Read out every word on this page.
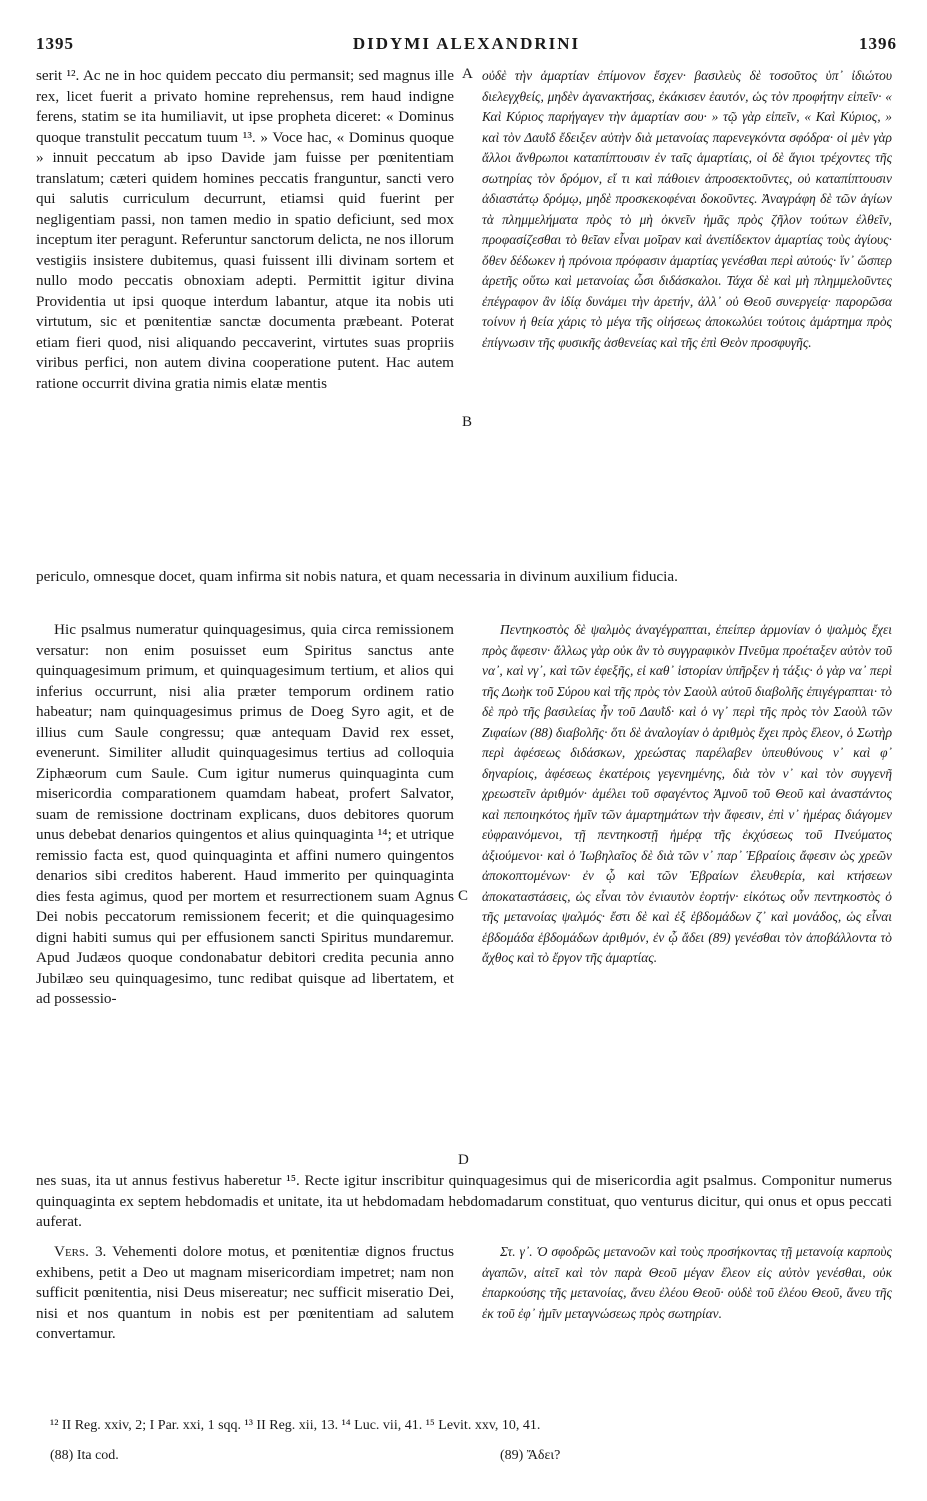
1395	DIDYMI ALEXANDRINI	1396
serit ¹². Ac ne in hoc quidem peccato diu permansit; sed magnus ille rex, licet fuerit a privato homine reprehensus, rem haud indigne ferens, statim se ita humiliavit, ut ipse propheta diceret: « Dominus quoque transtulit peccatum tuum ¹³. » Voce hac, « Dominus quoque » innuit peccatum ab ipso Davide jam fuisse per pœnitentiam translatum; cæteri quidem homines peccatis franguntur, sancti vero qui salutis curriculum decurrunt, etiamsi quid fuerint per negligentiam passi, non tamen medio in spatio deficiunt, sed mox inceptum iter peragunt. Referuntur sanctorum delicta, ne nos illorum vestigiis insistere dubitemus, quasi fuissent illi divinam sortem et nullo modo peccatis obnoxiam adepti. Permittit igitur divina Providentia ut ipsi quoque interdum labantur, atque ita nobis uti virtutum, sic et pœnitentiæ sanctæ documenta præbeant. Poterat etiam fieri quod, nisi aliquando peccaverint, virtutes suas propriis viribus perfici, non autem divina cooperatione putent. Hac autem ratione occurrit divina gratia nimis elatæ mentis
οὐδὲ τὴν ἁμαρτίαν ἐπίμονον ἔσχεν· βασιλεὺς δὲ τοσοῦτος ὑπ᾽ ἰδιώτου διελεγχθείς, μηδὲν ἀγανακτήσας, ἐκάκισεν ἑαυτόν, ὡς τὸν προφήτην εἰπεῖν· « Καὶ Κύριος παρήγαγεν τὴν ἁμαρτίαν σου· » τῷ γὰρ εἰπεῖν, « Καὶ Κύριος, » καὶ τὸν Δαυῒδ ἔδειξεν αὐτὴν διὰ μετανοίας παρενεγκόντα σφόδρα· οἱ μὲν γὰρ ἄλλοι ἄνθρωποι καταπίπτουσιν ἐν ταῖς ἁμαρτίαις, οἱ δὲ ἅγιοι τρέχοντες τῆς σωτηρίας τὸν δρόμον, εἴ τι καὶ πάθοιεν ἀπροσεκτοῦντες, οὐ καταπίπτουσιν ἀδιαστάτῳ δρόμῳ, μηδὲ προσκεκοφέναι δοκοῦντες. Ἀναγράφη δὲ τῶν ἁγίων τὰ πλημμελήματα πρὸς τὸ μὴ ὀκνεῖν ἡμᾶς πρὸς ζῆλον τούτων ἐλθεῖν, προφασίζεσθαι τὸ θεῖαν εἶναι μοῖραν καὶ ἀνεπίδεκτον ἁμαρτίας τοὺς ἁγίους· ὅθεν δέδωκεν ἡ πρόνοια πρόφασιν ἁμαρτίας γενέσθαι περὶ αὐτούς· ἵν᾽ ὥσπερ ἀρετῆς οὕτω καὶ μετανοίας ὦσι διδάσκαλοι. Τάχα δὲ καὶ μὴ πλημμελοῦντες ἐπέγραφον ἂν ἰδίᾳ δυνάμει τὴν ἀρετήν, ἀλλ᾽ οὐ Θεοῦ συνεργείᾳ· παρορῶσα τοίνυν ἡ θεία χάρις τὸ μέγα τῆς οἰήσεως ἀποκωλύει τούτοις ἁμάρτημα πρὸς ἐπίγνωσιν τῆς φυσικῆς ἀσθενείας καὶ τῆς ἐπὶ Θεὸν προσφυγῆς.
periculo, omnesque docet, quam infirma sit nobis natura, et quam necessaria in divinum auxilium fiducia.
Hic psalmus numeratur quinquagesimus, quia circa remissionem versatur: non enim posuisset eum Spiritus sanctus ante quinquagesimum primum, et quinquagesimum tertium, et alios qui inferius occurrunt, nisi alia præter temporum ordinem ratio habeatur; nam quinquagesimus primus de Doeg Syro agit, et de illius cum Saule congressu; quæ antequam David rex esset, evenerunt. Similiter alludit quinquagesimus tertius ad colloquia Ziphæorum cum Saule. Cum igitur numerus quinquaginta cum misericordia comparationem quamdam habeat, profert Salvator, suam de remissione doctrinam explicans, duos debitores quorum unus debebat denarios quingentos et alius quinquaginta ¹⁴; et utrique remissio facta est, quod quinquaginta et affini numero quingentos denarios sibi creditos haberent. Haud immerito per quinquaginta dies festa agimus, quod per mortem et resurrectionem suam Agnus Dei nobis peccatorum remissionem fecerit; et die quinquagesimo digni habiti sumus qui per effusionem sancti Spiritus mundaremur. Apud Judæos quoque condonabatur debitori credita pecunia anno Jubilæo seu quinquagesimo, tunc redibat quisque ad libertatem, et ad possessio-
Πεντηκοστὸς δὲ ψαλμὸς ἀναγέγραπται, ἐπείπερ ἁρμονίαν ὁ ψαλμὸς ἔχει πρὸς ἄφεσιν· ἄλλως γὰρ οὐκ ἂν τὸ συγγραφικὸν Πνεῦμα προέταξεν αὐτὸν τοῦ να᾽, καὶ νγ᾽, καὶ τῶν ἐφεξῆς, εἰ καθ᾽ ἱστορίαν ὑπῆρξεν ἡ τάξις· ὁ γὰρ να᾽ περὶ τῆς Δωὴκ τοῦ Σύρου καὶ τῆς πρὸς τὸν Σαοὺλ αὐτοῦ διαβολῆς ἐπιγέγραπται· τὸ δὲ πρὸ τῆς βασιλείας ἦν τοῦ Δαυῒδ· καὶ ὁ νγ᾽ περὶ τῆς πρὸς τὸν Σαοὺλ τῶν Ζιφαίων (88) διαβολῆς· ὅτι δὲ ἀναλογίαν ὁ ἀριθμὸς ἔχει πρὸς ἔλεον, ὁ Σωτὴρ περὶ ἀφέσεως διδάσκων, χρεώστας παρέλαβεν ὑπευθύνους ν᾽ καὶ φ᾽ δηναρίοις, ἀφέσεως ἑκατέροις γεγενημένης, διὰ τὸν ν᾽ καὶ τὸν συγγενῆ χρεωστεῖν ἀριθμόν· ἀμέλει τοῦ σφαγέντος Ἀμνοῦ τοῦ Θεοῦ καὶ ἀναστάντος καὶ πεποιηκότος ἡμῖν τῶν ἁμαρτημάτων τὴν ἄφεσιν, ἐπὶ ν᾽ ἡμέρας διάγομεν εὐφραινόμενοι, τῇ πεντηκοστῇ ἡμέρᾳ τῆς ἐκχύσεως τοῦ Πνεύματος ἀξιούμενοι· καὶ ὁ Ἰωβηλαῖος δὲ διὰ τῶν ν᾽ παρ᾽ Ἑβραίοις ἄφεσιν ὡς χρεῶν ἀποκοπτομένων· ἐν ᾧ καὶ τῶν Ἑβραίων ἐλευθερία, καὶ κτήσεων ἀποκαταστάσεις, ὡς εἶναι τὸν ἐνιαυτὸν ἑορτήν· εἰκότως οὖν πεντηκοστὸς ὁ τῆς μετανοίας ψαλμός· ἔστι δὲ καὶ ἐξ ἑβδομάδων ζ᾽ καὶ μονάδος, ὡς εἶναι ἑβδομάδα ἑβδομάδων ἀριθμόν, ἐν ᾧ ἄδει (89) γενέσθαι τὸν ἀποβάλλοντα τὸ ἄχθος καὶ τὸ ἔργον τῆς ἁμαρτίας.
nes suas, ita ut annus festivus haberetur ¹⁵. Recte igitur inscribitur quinquagesimus qui de misericordia agit psalmus. Componitur numerus quinquaginta ex septem hebdomadis et unitate, ita ut hebdomadam hebdomadarum constituat, quo venturus dicitur, qui onus et opus peccati auferat.
Vers. 3. Vehementi dolore motus, et pœnitentiæ dignos fructus exhibens, petit a Deo ut magnam misericordiam impetret; nam non sufficit pœnitentia, nisi Deus misereatur; nec sufficit miseratio Dei, nisi et nos quantum in nobis est per pœnitentiam ad salutem convertamur.
Στ. γ᾽. Ὁ σφοδρῶς μετανοῶν καὶ τοὺς προσήκοντας τῇ μετανοίᾳ καρποὺς ἀγαπῶν, αἰτεῖ καὶ τὸν παρὰ Θεοῦ μέγαν ἔλεον εἰς αὐτὸν γενέσθαι, οὐκ ἐπαρκούσης τῆς μετανοίας, ἄνευ ἐλέου Θεοῦ· οὐδὲ τοῦ ἐλέου Θεοῦ, ἄνευ τῆς ἐκ τοῦ ἐφ᾽ ἡμῖν μεταγνώσεως πρὸς σωτηρίαν.
A
B
C
D
¹² II Reg. xxiv, 2; I Par. xxi, 1 sqq. ¹³ II Reg. xii, 13. ¹⁴ Luc. vii, 41. ¹⁵ Levit. xxv, 10, 41.
(88) Ita cod.	(89) Ἄδει?
